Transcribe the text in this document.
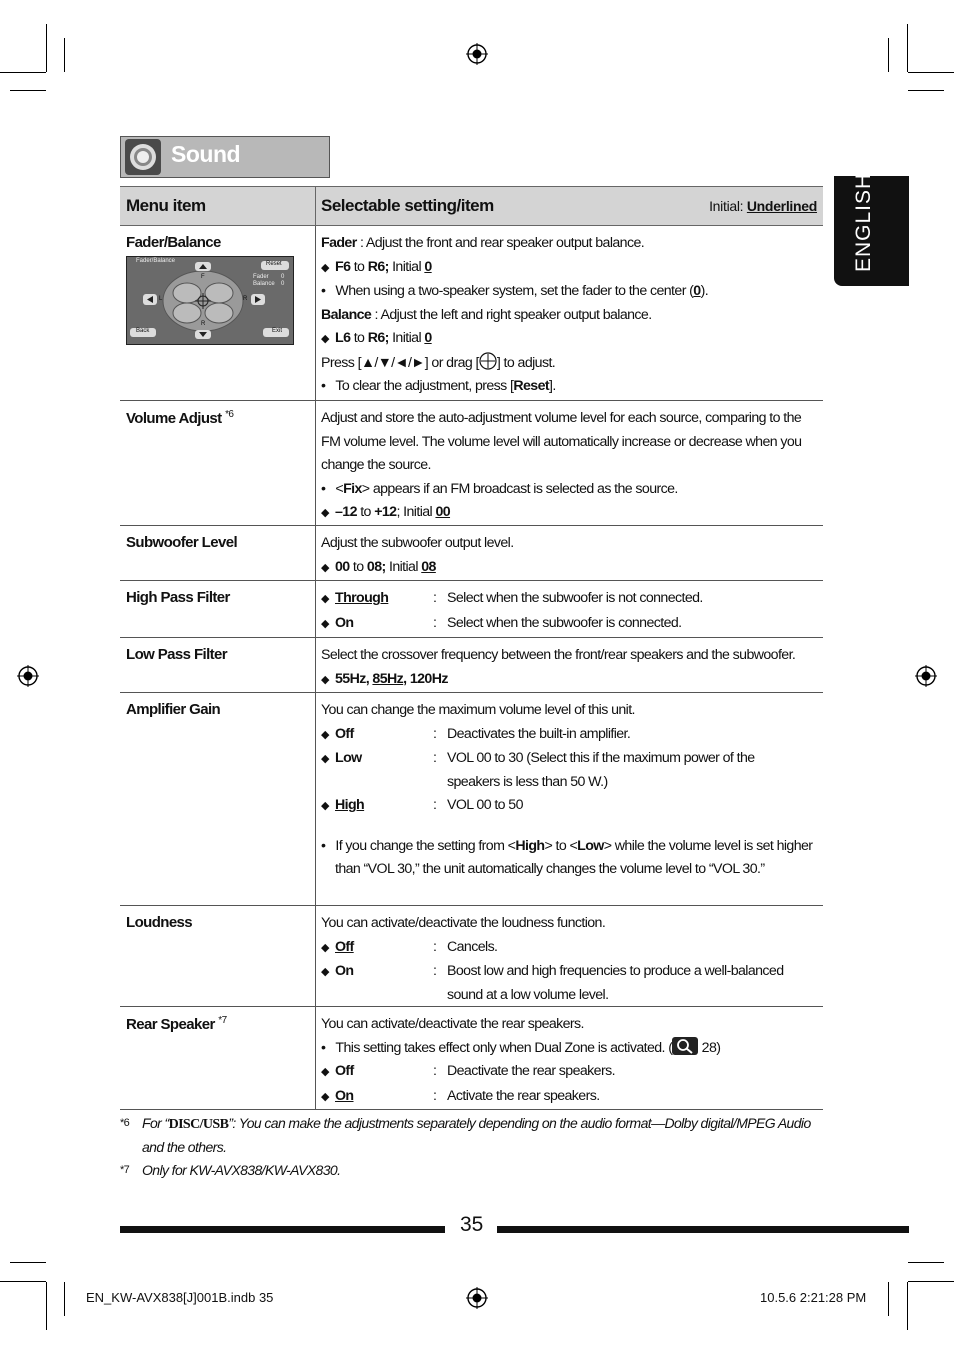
Sound
ENGLISH
Menu item	Selectable setting/item	Initial: Underlined
Fader/Balance
Fader/Balance	Reset
Back	Exit
Fader 0
Balance 0
F
R
L	R
Fader : Adjust the front and rear speaker output balance.
◆ F6 to R6; Initial 0
•   When using a two-speaker system, set the fader to the center (0).
Balance : Adjust the left and right speaker output balance.
◆ L6 to R6; Initial 0
Press [▲/▼/◄/►] or drag [ ] to adjust.
•   To clear the adjustment, press [Reset].
Volume Adjust $^{*6}$	Adjust and store the auto-adjustment volume level for each source, comparing to the FM volume level. The volume level will automatically increase or decrease when you change the source.
•   <Fix> appears if an FM broadcast is selected as the source.
◆ –12 to +12; Initial 00
Subwoofer Level	Adjust the subwoofer output level.
◆ 00 to 08; Initial 08
High Pass Filter	◆ Through	: Select when the subwoofer is not connected.
◆ On	: Select when the subwoofer is connected.
Low Pass Filter	Select the crossover frequency between the front/rear speakers and the subwoofer.
◆ 55Hz, 85Hz, 120Hz
Amplifier Gain	You can change the maximum volume level of this unit.
◆ Off	: Deactivates the built-in amplifier.
◆ Low	: VOL 00 to 30 (Select this if the maximum power of the speakers is less than 50 W.)
◆ High	: VOL 00 to 50
•   If you change the setting from <High> to <Low> while the volume level is set higher than “VOL 30,” the unit automatically changes the volume level to “VOL 30.”
Loudness	You can activate/deactivate the loudness function.
◆ Off	: Cancels.
◆ On	: Boost low and high frequencies to produce a well-balanced sound at a low volume level.
Rear Speaker $^{*7}$	You can activate/deactivate the rear speakers.
•   This setting takes effect only when Dual Zone is activated. ( 28)
◆ Off	: Deactivate the rear speakers.
◆ On	: Activate the rear speakers.
*6 For “DISC/USB”: You can make the adjustments separately depending on the audio format—Dolby digital/MPEG Audio and the others.
*7 Only for KW-AVX838/KW-AVX830.
35
EN_KW-AVX838[J]001B.indb 35	10.5.6 2:21:28 PM
